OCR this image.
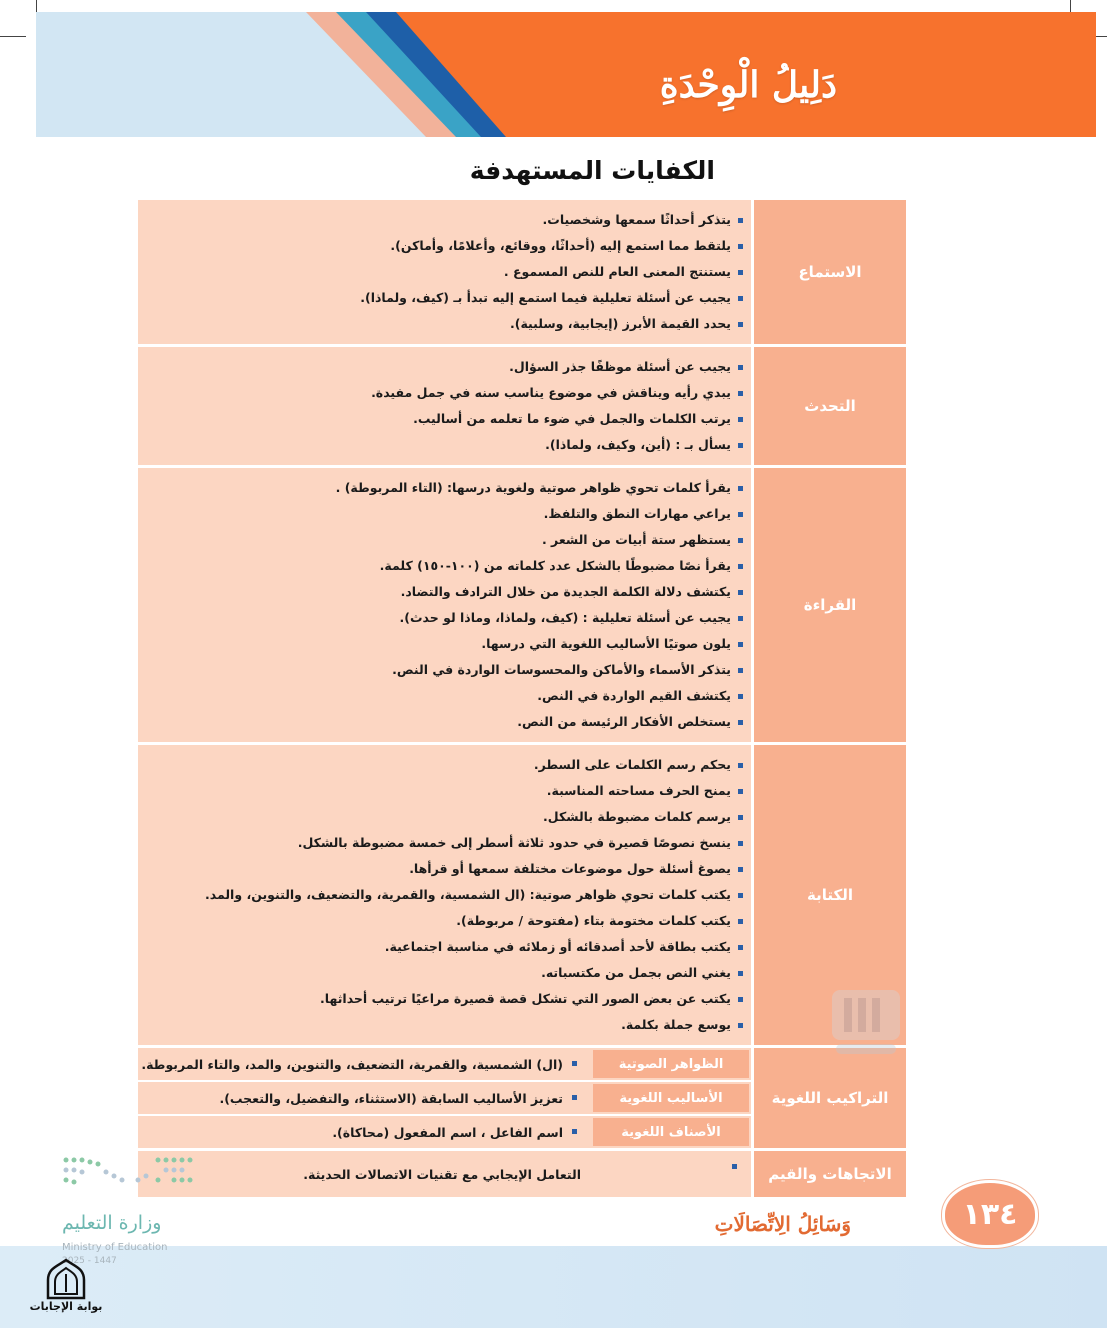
دَلِيلُ الْوِحْدَةِ
الكفايات المستهدفة
الاستماع
يتذكر أحداثًا سمعها وشخصيات.
يلتقط مما استمع إليه (أحداثًا، ووقائع، وأعلامًا، وأماكن).
يستنتج المعنى العام للنص المسموع .
يجيب عن أسئلة تعليلية فيما استمع إليه تبدأ بـ (كيف، ولماذا).
يحدد القيمة الأبرز (إيجابية، وسلبية).
التحدث
يجيب عن أسئلة موظفًا جذر السؤال.
يبدي رأيه ويناقش في موضوع يناسب سنه في جمل مفيدة.
يرتب الكلمات والجمل في ضوء ما تعلمه من أساليب.
يسأل بـ : (أين، وكيف، ولماذا).
القراءة
يقرأ كلمات تحوي ظواهر صوتية ولغوية درسها: (التاء المربوطة) .
يراعي مهارات النطق والتلفظ.
يستظهر ستة أبيات من الشعر .
يقرأ نصًا مضبوطًا بالشكل عدد كلماته من (١٠٠-١٥٠) كلمة.
يكتشف دلالة الكلمة الجديدة من خلال الترادف والتضاد.
يجيب عن أسئلة تعليلية : (كيف، ولماذا، وماذا لو حدث).
يلون صوتيًا الأساليب اللغوية التي درسها.
يتذكر الأسماء والأماكن والمحسوسات الواردة في النص.
يكتشف القيم الواردة في النص.
يستخلص الأفكار الرئيسة من النص.
الكتابة
يحكم رسم الكلمات على السطر.
يمنح الحرف مساحته المناسبة.
يرسم كلمات مضبوطة بالشكل.
ينسخ نصوصًا قصيرة في حدود ثلاثة أسطر إلى خمسة مضبوطة بالشكل.
يصوغ أسئلة حول موضوعات مختلفة سمعها أو قرأها.
يكتب كلمات تحوي ظواهر صوتية: (ال الشمسية، والقمرية، والتضعيف، والتنوين، والمد.
يكتب كلمات مختومة بتاء (مفتوحة / مربوطة).
يكتب بطاقة لأحد أصدقائه أو زملائه في مناسبة اجتماعية.
يغني النص بجمل من مكتسباته.
يكتب عن بعض الصور التي تشكل قصة قصيرة مراعيًا ترتيب أحداثها.
يوسع جملة بكلمة.
التراكيب اللغوية
الظواهر الصوتية
(ال) الشمسية، والقمرية، التضعيف، والتنوين، والمد، والتاء المربوطة.
الأساليب اللغوية
تعزيز الأساليب السابقة (الاستثناء، والتفضيل، والتعجب).
الأصناف اللغوية
اسم الفاعل ، اسم المفعول (محاكاة).
الاتجاهات والقيم
التعامل الإيجابي مع تقنيات الاتصالات الحديثة.
١٣٤
وَسَائِلُ الِاتِّصَالَاتِ
وزارة التعليم
Ministry of Education
2025 - 1447
بوابة الإجابات
